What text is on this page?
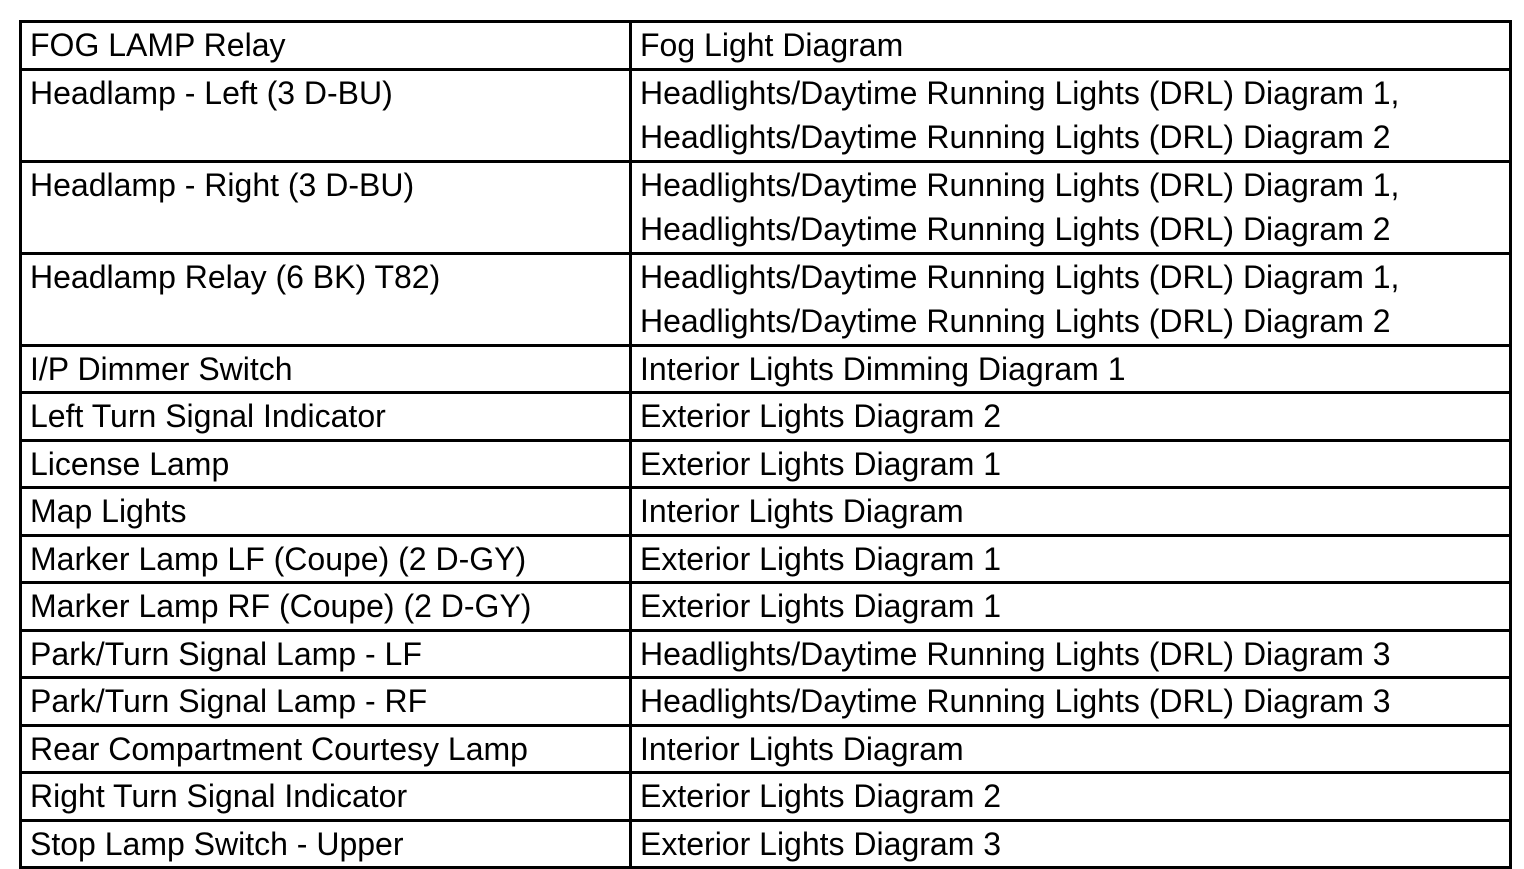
FOG LAMP Relay	Fog Light Diagram

Headlamp - Left (3 D-BU)	Headlights/Daytime Running Lights (DRL) Diagram 1,
Headlights/Daytime Running Lights (DRL) Diagram 2

Headlamp - Right (3 D-BU)	Headlights/Daytime Running Lights (DRL) Diagram 1,
Headlights/Daytime Running Lights (DRL) Diagram 2

Headlamp Relay (6 BK) T82)	Headlights/Daytime Running Lights (DRL) Diagram 1,
Headlights/Daytime Running Lights (DRL) Diagram 2

I/P Dimmer Switch	Interior Lights Dimming Diagram 1

Left Turn Signal Indicator	Exterior Lights Diagram 2

License Lamp	Exterior Lights Diagram 1

Map Lights	Interior Lights Diagram

Marker Lamp LF (Coupe) (2 D-GY)	Exterior Lights Diagram 1

Marker Lamp RF (Coupe) (2 D-GY)	Exterior Lights Diagram 1

Park/Turn Signal Lamp - LF	Headlights/Daytime Running Lights (DRL) Diagram 3

Park/Turn Signal Lamp - RF	Headlights/Daytime Running Lights (DRL) Diagram 3

Rear Compartment Courtesy Lamp	Interior Lights Diagram

Right Turn Signal Indicator	Exterior Lights Diagram 2

Stop Lamp Switch - Upper	Exterior Lights Diagram 3
